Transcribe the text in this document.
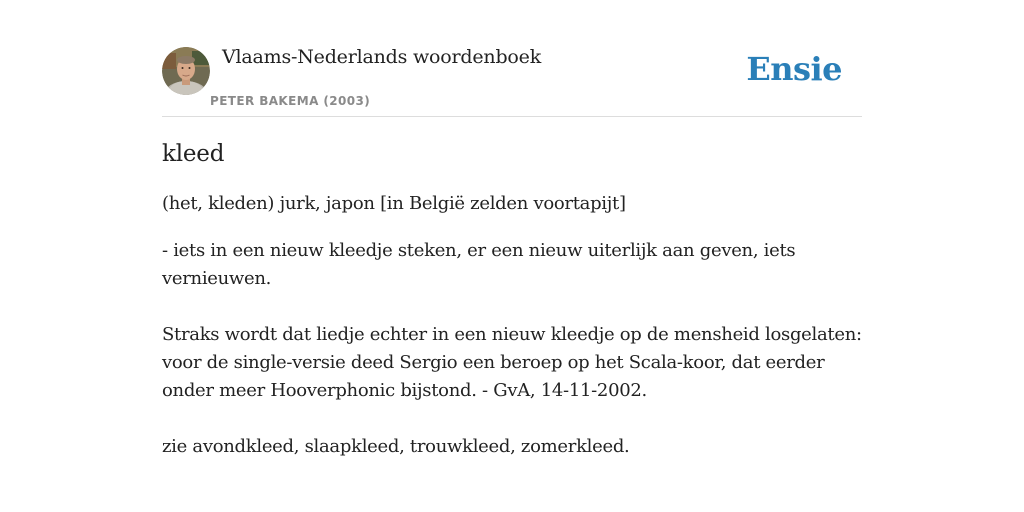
Vlaams-Nederlands woordenboek
PETER BAKEMA (2003)
Ensie
kleed

(het, kleden) jurk, japon [in België zelden voortapijt]

- iets in een nieuw kleedje steken, er een nieuw uiterlijk aan geven, iets vernieuwen.

Straks wordt dat liedje echter in een nieuw kleedje op de mensheid losgelaten: voor de single-versie deed Sergio een beroep op het Scala-koor, dat eerder onder meer Hooverphonic bijstond. - GvA, 14-11-2002.

zie avondkleed, slaapkleed, trouwkleed, zomerkleed.
